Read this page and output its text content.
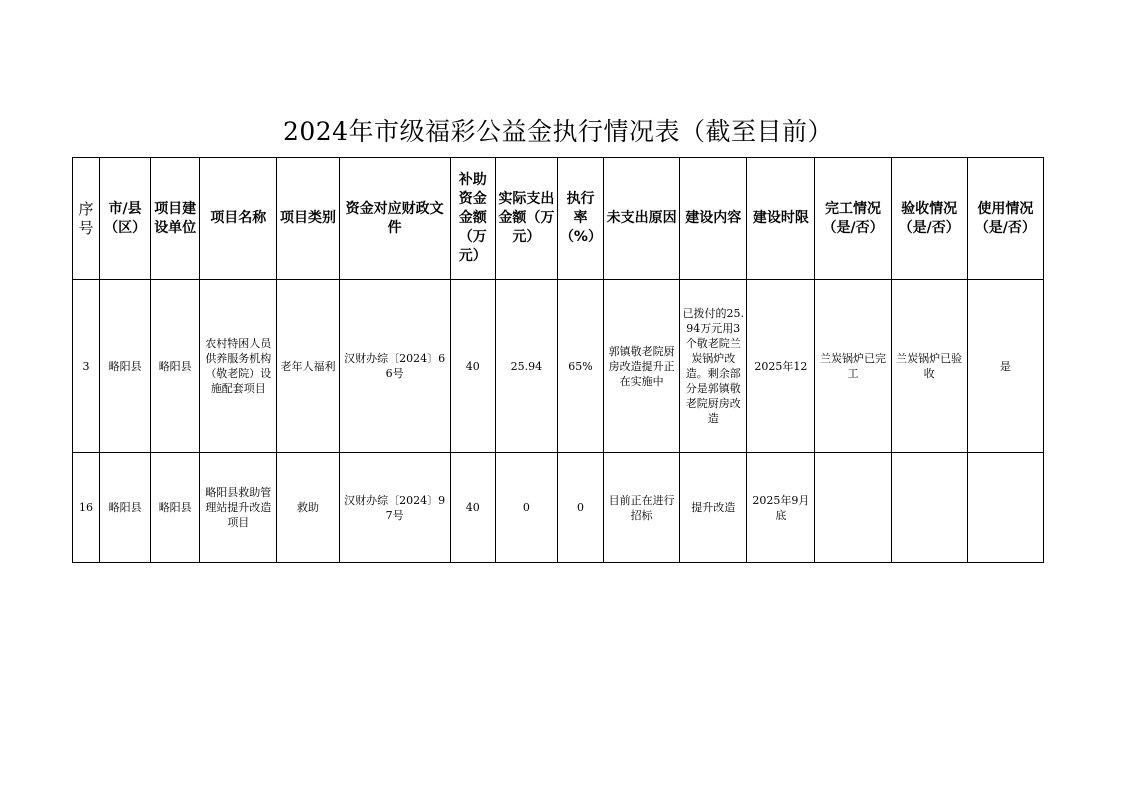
2024年市级福彩公益金执行情况表（截至目前）
序号	市/县（区）	项目建设单位	项目名称	项目类别	资金对应财政文件	补助资金金额（万元）	实际支出金额（万元）	执行率（%）	未支出原因	建设内容	建设时限	完工情况（是/否）	验收情况（是/否）	使用情况（是/否）
3	略阳县	略阳县	农村特困人员供养服务机构（敬老院）设施配套项目	老年人福利	汉财办综〔2024〕66号	40	25.94	65%	郭镇敬老院厨房改造提升正在实施中	已拨付的25.94万元用3个敬老院兰炭锅炉改造。剩余部分是郭镇敬老院厨房改造	2025年12	兰炭锅炉已完工	兰炭锅炉已验收	是
16	略阳县	略阳县	略阳县救助管理站提升改造项目	救助	汉财办综〔2024〕97号	40	0	0	目前正在进行招标	提升改造	2025年9月底			
